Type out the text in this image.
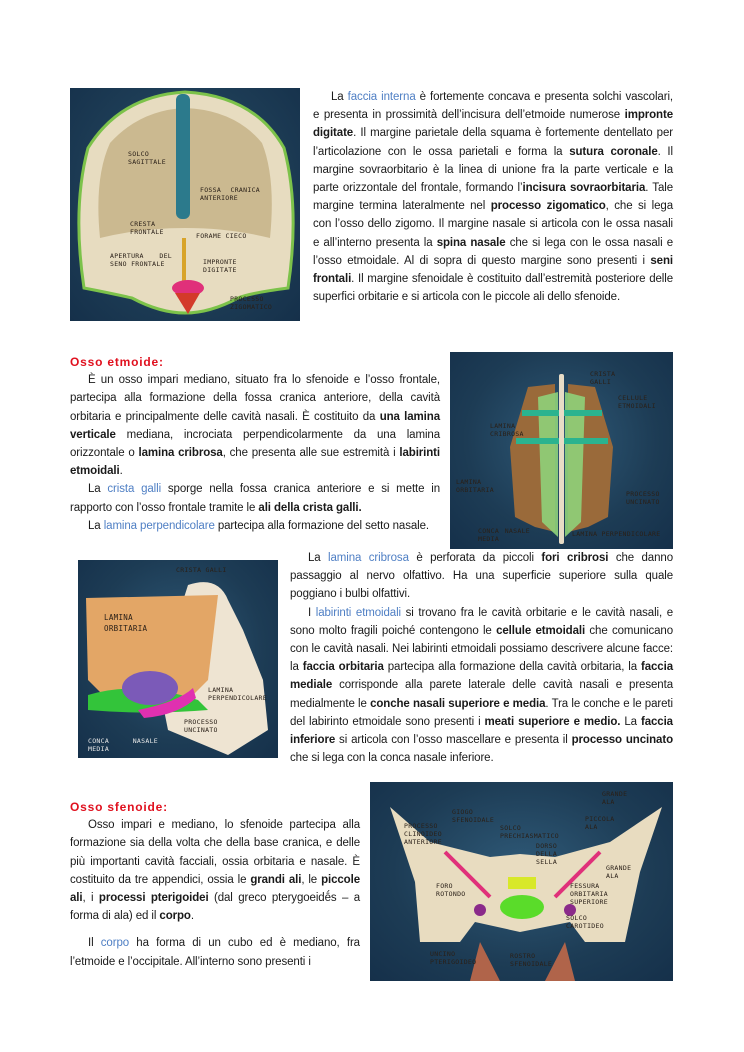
SOLCO SAGITTALE
FOSSA CRANICA ANTERIORE
CRESTA FRONTALE	FORAME CIECO
APERTURA DEL SENO FRONTALE	IMPRONTE DIGITATE
PROCESSO ZIGOMATICO

La faccia interna è fortemente concava e presenta solchi vascolari, e presenta in prossimità dell’incisura dell’etmoide numerose impronte digitate. Il margine parietale della squama è fortemente dentellato per l’articolazione con le ossa parietali e forma la sutura coronale. Il margine sovraorbitario è la linea di unione fra la parte verticale e la parte orizzontale del frontale, formando l’incisura sovraorbitaria. Tale margine termina lateralmente nel processo zigomatico, che si lega con l’osso dello zigomo. Il margine nasale si articola con le ossa nasali e all’interno presenta la spina nasale che si lega con le ossa nasali e l’osso etmoidale. Al di sopra di questo margine sono presenti i seni frontali. Il margine sfenoidale è costituito dall’estremità posteriore delle superfici orbitarie e si articola con le piccole ali dello sfenoide.

CRISTA GALLI
CELLULE ETMOIDALI
LAMINA CRIBROSA
LAMINA ORBITARIA	PROCESSO UNCINATO
CONCA NASALE MEDIA
LAMINA PERPENDICOLARE

Osso etmoide:

È un osso impari mediano, situato fra lo sfenoide e l’osso frontale, partecipa alla formazione della fossa cranica anteriore, della cavità orbitaria e principalmente delle cavità nasali. È costituito da una lamina verticale mediana, incrociata perpendicolarmente da una lamina orizzontale o lamina cribrosa, che presenta alle sue estremità i labirinti etmoidali.

La crista galli sporge nella fossa cranica anteriore e si mette in rapporto con l’osso frontale tramite le ali della crista galli.

La lamina perpendicolare partecipa alla formazione del setto nasale.

CRISTA GALLI
LAMINA ORBITARIA
LAMINA PERPENDICOLARE
PROCESSO UNCINATO
CONCA NASALE MEDIA

La lamina cribrosa è perforata da piccoli fori cribrosi che danno passaggio al nervo olfattivo. Ha una superficie superiore sulla quale poggiano i bulbi olfattivi.

I labirinti etmoidali si trovano fra le cavità orbitarie e le cavità nasali, e sono molto fragili poiché contengono le cellule etmoidali che comunicano con le cavità nasali. Nei labirinti etmoidali possiamo descrivere alcune facce: la faccia orbitaria partecipa alla formazione della cavità orbitaria, la faccia mediale corrisponde alla parete laterale delle cavità nasali e presenta medialmente le conche nasali superiore e media. Tra le conche e le pareti del labirinto etmoidale sono presenti i meati superiore e medio. La faccia inferiore si articola con l’osso mascellare e presenta il processo uncinato che si lega con la conca nasale inferiore.

GRANDE ALA
GIOGO SFENOIDALE
PROCESSO CLINOIDEO ANTERIORE
PICCOLA ALA
SOLCO PRECHIASMATICO
DORSO DELLA SELLA
GRANDE ALA
FORO ROTONDO
FESSURA ORBITARIA SUPERIORE
SOLCO CAROTIDEO
UNCINO PTERIGOIDEO
ROSTRO SFENOIDALE

Osso sfenoide:

Osso impari e mediano, lo sfenoide partecipa alla formazione sia della volta che della base cranica, e delle più importanti cavità facciali, ossia orbitaria e nasale. È costituito da tre appendici, ossia le grandi ali, le piccole ali, i processi pterigoidei (dal greco pterygoeidḗs – a forma di ala) ed il corpo.

Il corpo ha forma di un cubo ed è mediano, fra l’etmoide e l’occipitale. All’interno sono presenti i
